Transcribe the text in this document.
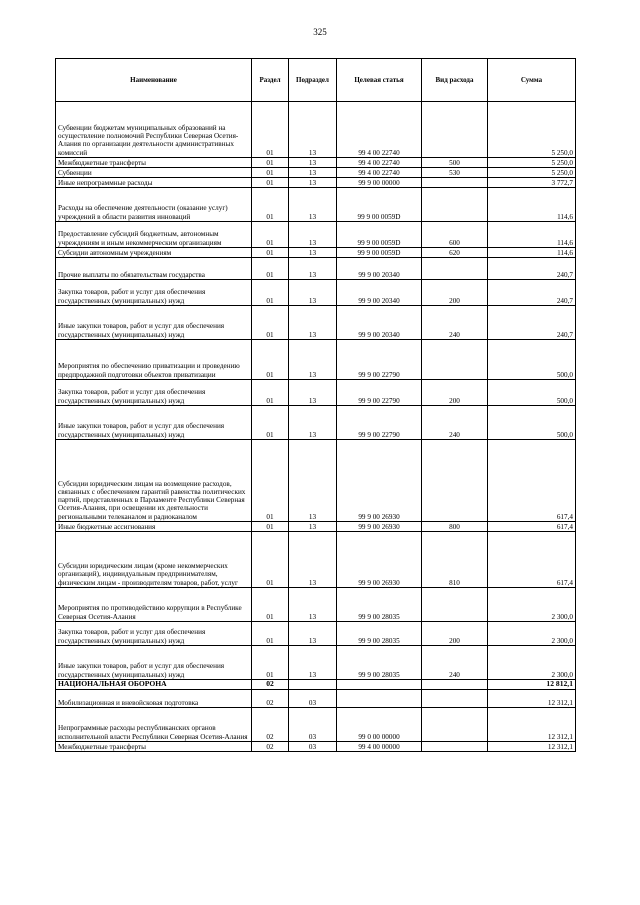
325
Наименование	Раздел	Подраздел	Целевая статья	Вид расхода	Сумма
Субвенции бюджетам муниципальных образований на осуществление полномочий Республики Северная Осетия-Алания по организации деятельности административных комиссий	01	13	99 4 00 22740		5 250,0
Межбюджетные трансферты	01	13	99 4 00 22740	500	5 250,0
Субвенции	01	13	99 4 00 22740	530	5 250,0
Иные непрограммные расходы	01	13	99 9 00 00000		3 772,7
Расходы на обеспечение деятельности (оказание услуг) учреждений в области развития инноваций	01	13	99 9 00 0059D		114,6
Предоставление субсидий бюджетным, автономным учреждениям и иным некоммерческим организациям	01	13	99 9 00 0059D	600	114,6
Субсидии автономным учреждениям	01	13	99 9 00 0059D	620	114,6
Прочие выплаты по обязательствам государства	01	13	99 9 00 20340		240,7
Закупка товаров, работ и услуг для обеспечения государственных (муниципальных) нужд	01	13	99 9 00 20340	200	240,7
Иные закупки товаров, работ и услуг для обеспечения государственных (муниципальных) нужд	01	13	99 9 00 20340	240	240,7
Мероприятия по обеспечению приватизации и проведению предпродажной подготовки объектов приватизации	01	13	99 9 00 22790		500,0
Закупка товаров, работ и услуг для обеспечения государственных (муниципальных) нужд	01	13	99 9 00 22790	200	500,0
Иные закупки товаров, работ и услуг для обеспечения государственных (муниципальных) нужд	01	13	99 9 00 22790	240	500,0
Субсидии юридическим лицам на возмещение расходов, связанных с обеспечением гарантий равенства политических партий, представленных в Парламенте Республики Северная Осетия-Алания, при освещении их деятельности региональными телеканалом и радиоканалом	01	13	99 9 00 26930		617,4
Иные бюджетные ассигнования	01	13	99 9 00 26930	800	617,4
Субсидии юридическим лицам (кроме некоммерческих организаций), индивидуальным предпринимателям, физическим лицам - производителям товаров, работ, услуг	01	13	99 9 00 26930	810	617,4
Мероприятия по противодействию коррупции в Республике Северная Осетия-Алания	01	13	99 9 00 28035		2 300,0
Закупка товаров, работ и услуг для обеспечения государственных (муниципальных) нужд	01	13	99 9 00 28035	200	2 300,0
Иные закупки товаров, работ и услуг для обеспечения государственных (муниципальных) нужд	01	13	99 9 00 28035	240	2 300,0
НАЦИОНАЛЬНАЯ ОБОРОНА	02				12 812,1
Мобилизационная и вневойсковая подготовка	02	03			12 312,1
Непрограммные расходы республиканских органов исполнительной власти Республики Северная Осетия-Алания	02	03	99 0 00 00000		12 312,1
Межбюджетные трансферты	02	03	99 4 00 00000		12 312,1
